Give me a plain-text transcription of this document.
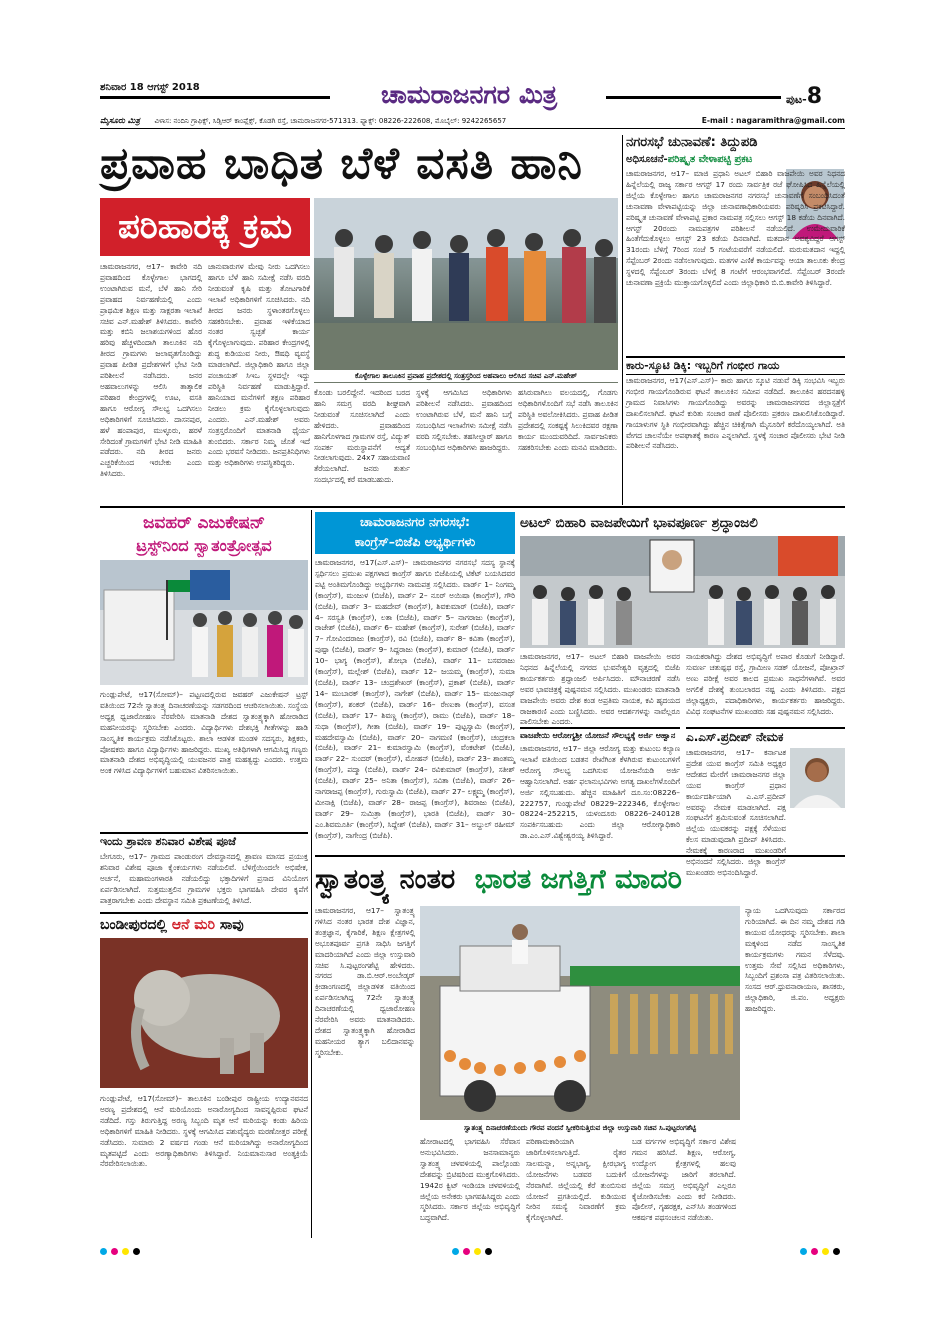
ಶನಿವಾರ 18 ಆಗಸ್ಟ್ 2018	ಚಾಮರಾಜನಗರ ಮಿತ್ರ	ಪುಟ-8
ಮೈಸೂರು ಮಿತ್ರ ವಿಳಾಸ: ನಂದಿನಿ ಗ್ರಾಫಿಕ್ಸ್, ಸಿಡ್ಸಿಆರ್ ಕಾಂಪ್ಲೆಕ್ಸ್, ಕೊಡಗಿ ರಸ್ತೆ, ಚಾಮರಾಜನಗರ-571313. ಫ್ಯಾಕ್ಸ್: 08226-222608, ಮೊಬೈಲ್: 9242265657	E-mail : nagaramithra@gmail.com
ಪ್ರವಾಹ ಬಾಧಿತ ಬೆಳೆ ವಸತಿ ಹಾನಿ
ಪರಿಹಾರಕ್ಕೆ ಕ್ರಮ
ಕೊಳ್ಳೇಗಾಲ ತಾಲೂಕಿನ ಪ್ರವಾಹ ಪ್ರದೇಶದಲ್ಲಿ ಸಂತ್ರಸ್ತರಿಂದ ಅಹವಾಲು ಆಲಿಸಿದ ಸಚಿವ ಎನ್.ಮಹೇಶ್
ಚಾಮರಾಜನಗರ, ಆ17– ಕಾವೇರಿ ನದಿ ಪ್ರವಾಹದಿಂದ ಕೊಳ್ಳೇಗಾಲ ಭಾಗದಲ್ಲಿ ಉಂಟಾಗಿರುವ ಮನೆ, ಬೆಳೆ ಹಾನಿ ಸೇರಿ ಪ್ರವಾಹದ ನಿರ್ವಹಣೆಯಲ್ಲಿ ಎಂದು ಪ್ರಾಥಮಿಕ ಶಿಕ್ಷಣ ಮತ್ತು ಸಾಕ್ಷರತಾ ಇಲಾಖೆ ಸಚಿವ ಎನ್.ಮಹೇಶ್ ತಿಳಿಸಿದರು. ಕಾವೇರಿ ಮತ್ತು ಕಬಿನಿ ಜಲಾಶಯಗಳಿಂದ ಹೊರ ಹರಿವು ಹೆಚ್ಚಳದಿಂದಾಗಿ ತಾಲೂಕಿನ ನದಿ ತೀರದ ಗ್ರಾಮಗಳು ಜಲಾವೃತಗೊಂಡಿದ್ದು ಪ್ರವಾಹ ಪೀಡಿತ ಪ್ರದೇಶಗಳಿಗೆ ಭೇಟಿ ನೀಡಿ ಪರಿಶೀಲನೆ ನಡೆಸಿದರು. ಜನರ ಅಹವಾಲುಗಳನ್ನು ಆಲಿಸಿ ತಾತ್ಕಾಲಿಕ ಪರಿಹಾರ ಕೇಂದ್ರಗಳಲ್ಲಿ ಊಟ, ವಸತಿ ಹಾಗೂ ಆರೋಗ್ಯ ಸೌಲಭ್ಯ ಒದಗಿಸಲು ಅಧಿಕಾರಿಗಳಿಗೆ ಸೂಚಿಸಿದರು. ದಾಸನಪುರ, ಹಳೆ ಹಂಪಾಪುರ, ಮುಳ್ಳೂರು, ಹರಳೆ ಸೇರಿದಂತೆ ಗ್ರಾಮಗಳಿಗೆ ಭೇಟಿ ನೀಡಿ ಮಾಹಿತಿ ಪಡೆದರು. ನದಿ ತೀರದ ಜನರು ಎಚ್ಚರಿಕೆಯಿಂದ ಇರಬೇಕು ಎಂದು ತಿಳಿಸಿದರು.
ಜಾನುವಾರುಗಳ ಮೇವು ನೀರು ಒದಗಿಸಲು ಹಾಗೂ ಬೆಳೆ ಹಾನಿ ಸಮೀಕ್ಷೆ ನಡೆಸಿ ವರದಿ ನೀಡುವಂತೆ ಕೃಷಿ ಮತ್ತು ತೋಟಗಾರಿಕೆ ಇಲಾಖೆ ಅಧಿಕಾರಿಗಳಿಗೆ ಸೂಚಿಸಿದರು. ನದಿ ತೀರದ ಜನರು ಸ್ಥಳಾಂತರಗೊಳ್ಳಲು ಸಹಕರಿಸಬೇಕು. ಪ್ರವಾಹ ಇಳಿಕೆಯಾದ ನಂತರ ಸ್ವಚ್ಛತೆ ಕಾರ್ಯ ಕೈಗೊಳ್ಳಲಾಗುವುದು. ಪರಿಹಾರ ಕೇಂದ್ರಗಳಲ್ಲಿ ಶುದ್ಧ ಕುಡಿಯುವ ನೀರು, ಔಷಧಿ ವ್ಯವಸ್ಥೆ ಮಾಡಲಾಗಿದೆ. ಜಿಲ್ಲಾಧಿಕಾರಿ ಹಾಗೂ ಜಿಲ್ಲಾ ಪಂಚಾಯತ್ ಸಿಇಒ ಸ್ಥಳದಲ್ಲೇ ಇದ್ದು ಪರಿಸ್ಥಿತಿ ನಿರ್ವಹಣೆ ಮಾಡುತ್ತಿದ್ದಾರೆ. ಹಾನಿಯಾದ ಮನೆಗಳಿಗೆ ತಕ್ಷಣ ಪರಿಹಾರ ನೀಡಲು ಕ್ರಮ ಕೈಗೊಳ್ಳಲಾಗುವುದು ಎಂದರು. ಎನ್.ಮಹೇಶ್ ಅವರು ಸಂತ್ರಸ್ತರೊಂದಿಗೆ ಮಾತನಾಡಿ ಧೈರ್ಯ ತುಂಬಿದರು. ಸರ್ಕಾರ ನಿಮ್ಮ ಜೊತೆ ಇದೆ ಎಂದು ಭರವಸೆ ನೀಡಿದರು. ಜನಪ್ರತಿನಿಧಿಗಳು ಮತ್ತು ಅಧಿಕಾರಿಗಳು ಉಪಸ್ಥಿತರಿದ್ದರು.
ಕೊಂಡು ಬರಲಿದ್ದೇನೆ. ಇದರಿಂದ ಬರದ ಹಾನಿ ಸಮಗ್ರ ವರದಿ ಶೀಘ್ರವಾಗಿ ನೀಡುವಂತೆ ಸೂಚಿಸಲಾಗಿದೆ ಎಂದು ಹೇಳಿದರು. ಪ್ರವಾಹದಿಂದ ಹಾನಿಗೊಳಗಾದ ಗ್ರಾಮಗಳ ರಸ್ತೆ, ವಿದ್ಯುತ್ ಸಂಪರ್ಕ ಮರುಸ್ಥಾಪನೆಗೆ ಆದ್ಯತೆ ನೀಡಲಾಗುವುದು. 24x7 ಸಹಾಯವಾಣಿ ತೆರೆಯಲಾಗಿದೆ. ಜನರು ತುರ್ತು ಸಂದರ್ಭದಲ್ಲಿ ಕರೆ ಮಾಡಬಹುದು.
ಸ್ಥಳಕ್ಕೆ ಆಗಮಿಸಿದ ಅಧಿಕಾರಿಗಳು ಪರಿಶೀಲನೆ ನಡೆಸಿದರು. ಪ್ರವಾಹದಿಂದ ಉಂಟಾಗಿರುವ ಬೆಳೆ, ಮನೆ ಹಾನಿ ಬಗ್ಗೆ ಸಂಬಂಧಿಸಿದ ಇಲಾಖೆಗಳು ಸಮೀಕ್ಷೆ ನಡೆಸಿ ವರದಿ ಸಲ್ಲಿಸಬೇಕು. ತಹಸೀಲ್ದಾರ್ ಹಾಗೂ ಸಂಬಂಧಿಸಿದ ಅಧಿಕಾರಿಗಳು ಹಾಜರಿದ್ದರು.
ಹಸಿರುವಾಗಿಲು ವಲಯದಲ್ಲಿ, ಗೊಡಗು ಅಧಿಕಾರಿಗಳೊಂದಿಗೆ ಸಭೆ ನಡೆಸಿ ತಾಲೂಕಿನ ಪರಿಸ್ಥಿತಿ ಅವಲೋಕಿಸಿದರು. ಪ್ರವಾಹ ಪೀಡಿತ ಪ್ರದೇಶದಲ್ಲಿ ಸಂಕಷ್ಟಕ್ಕೆ ಸಿಲುಕಿದವರ ರಕ್ಷಣಾ ಕಾರ್ಯ ಮುಂದುವರಿದಿದೆ. ಸಾರ್ವಜನಿಕರು ಸಹಕರಿಸಬೇಕು ಎಂದು ಮನವಿ ಮಾಡಿದರು.
ನಗರಸಭೆ ಚುನಾವಣೆ: ತಿದ್ದುಪಡಿ
ಅಧಿಸೂಚನೆ-ಪರಿಷ್ಕೃತ ವೇಳಾಪಟ್ಟಿ ಪ್ರಕಟ
ಚಾಮರಾಜನಗರ, ಆ17– ಮಾಜಿ ಪ್ರಧಾನಿ ಅಟಲ್ ಬಿಹಾರಿ ವಾಜಪೇಯಿ ಅವರ ನಿಧನದ ಹಿನ್ನೆಲೆಯಲ್ಲಿ ರಾಜ್ಯ ಸರ್ಕಾರ ಆಗಸ್ಟ್ 17 ರಂದು ಸಾರ್ವತ್ರಿಕ ರಜೆ ಘೋಷಿಸಿದ ಹಿನ್ನೆಲೆಯಲ್ಲಿ ಜಿಲ್ಲೆಯ ಕೊಳ್ಳೇಗಾಲ ಹಾಗೂ ಚಾಮರಾಜನಗರ ನಗರಸಭೆ ಚುನಾವಣೆಗೆ ಸಂಬಂಧಿಸಿದಂತೆ ಚುನಾವಣಾ ವೇಳಾಪಟ್ಟಿಯನ್ನು ಜಿಲ್ಲಾ ಚುನಾವಣಾಧಿಕಾರಿಯವರು ಪರಿಷ್ಕರಿಸಿ ಪ್ರಕಟಿಸಿದ್ದಾರೆ. ಪರಿಷ್ಕೃತ ಚುನಾವಣೆ ವೇಳಾಪಟ್ಟಿ ಪ್ರಕಾರ ನಾಮಪತ್ರ ಸಲ್ಲಿಸಲು ಆಗಸ್ಟ್ 18 ಕಡೆಯ ದಿನವಾಗಿದೆ. ಆಗಸ್ಟ್ 20ರಂದು ನಾಮಪತ್ರಗಳ ಪರಿಶೀಲನೆ ನಡೆಯಲಿದೆ. ಉಮೇದುವಾರಿಕೆ ಹಿಂತೆಗೆದುಕೊಳ್ಳಲು ಆಗಸ್ಟ್ 23 ಕಡೆಯ ದಿನವಾಗಿದೆ. ಮತದಾನ ಅವಶ್ಯವಿದ್ದರೆ ಆಗಸ್ಟ್ 31ರಂದು ಬೆಳಿಗ್ಗೆ 7ರಿಂದ ಸಂಜೆ 5 ಗಂಟೆಯವರೆಗೆ ನಡೆಯಲಿದೆ. ಮರುಮತದಾನ ಇದ್ದಲ್ಲಿ ಸೆಪ್ಟೆಂಬರ್ 2ರಂದು ನಡೆಸಲಾಗುವುದು. ಮತಗಳ ಎಣಿಕೆ ಕಾರ್ಯವನ್ನು ಆಯಾ ತಾಲೂಕು ಕೇಂದ್ರ ಸ್ಥಳದಲ್ಲಿ ಸೆಪ್ಟೆಂಬರ್ 3ರಂದು ಬೆಳಿಗ್ಗೆ 8 ಗಂಟೆಗೆ ಆರಂಭವಾಗಲಿದೆ. ಸೆಪ್ಟೆಂಬರ್ 3ರಂದೇ ಚುನಾವಣಾ ಪ್ರಕ್ರಿಯೆ ಮುಕ್ತಾಯಗೊಳ್ಳಲಿದೆ ಎಂದು ಜಿಲ್ಲಾಧಿಕಾರಿ ಬಿ.ಬಿ.ಕಾವೇರಿ ತಿಳಿಸಿದ್ದಾರೆ.
ಕಾರು-ಸ್ಕೂಟಿ ಡಿಕ್ಕಿ: ಇಬ್ಬರಿಗೆ ಗಂಭೀರ ಗಾಯ
ಚಾಮರಾಜನಗರ, ಆ17(ಎಸ್.ಎಸ್)– ಕಾರು ಹಾಗೂ ಸ್ಕೂಟಿ ನಡುವೆ ಡಿಕ್ಕಿ ಸಂಭವಿಸಿ ಇಬ್ಬರು ಗಂಭೀರ ಗಾಯಗೊಂಡಿರುವ ಘಟನೆ ತಾಲೂಕಿನ ಸಮೀಪ ನಡೆದಿದೆ. ತಾಲೂಕಿನ ಹರದನಹಳ್ಳಿ ಗ್ರಾಮದ ನಿವಾಸಿಗಳು ಗಾಯಗೊಂಡಿದ್ದು ಅವರನ್ನು ಚಾಮರಾಜನಗರದ ಜಿಲ್ಲಾಸ್ಪತ್ರೆಗೆ ದಾಖಲಿಸಲಾಗಿದೆ. ಘಟನೆ ಕುರಿತು ಸಂಚಾರ ಠಾಣೆ ಪೊಲೀಸರು ಪ್ರಕರಣ ದಾಖಲಿಸಿಕೊಂಡಿದ್ದಾರೆ. ಗಾಯಾಳುಗಳ ಸ್ಥಿತಿ ಗಂಭೀರವಾಗಿದ್ದು ಹೆಚ್ಚಿನ ಚಿಕಿತ್ಸೆಗಾಗಿ ಮೈಸೂರಿಗೆ ಕರೆದೊಯ್ಯಲಾಗಿದೆ. ಅತಿ ವೇಗದ ಚಾಲನೆಯೇ ಅಪಘಾತಕ್ಕೆ ಕಾರಣ ಎನ್ನಲಾಗಿದೆ. ಸ್ಥಳಕ್ಕೆ ಸಂಚಾರ ಪೊಲೀಸರು ಭೇಟಿ ನೀಡಿ ಪರಿಶೀಲನೆ ನಡೆಸಿದರು.
ಜವಹರ್ ಎಜುಕೇಷನ್
ಟ್ರಸ್ಟ್‌ನಿಂದ ಸ್ವಾತಂತ್ರೋತ್ಸವ
ಗುಂಡ್ಲುಪೇಟೆ, ಆ17(ಸೋಮ್)– ಪಟ್ಟಣದಲ್ಲಿರುವ ಜವಹರ್ ಎಜುಕೇಷನ್ ಟ್ರಸ್ಟ್ ವತಿಯಿಂದ 72ನೇ ಸ್ವಾತಂತ್ರ್ಯ ದಿನಾಚರಣೆಯನ್ನು ಸಡಗರದಿಂದ ಆಚರಿಸಲಾಯಿತು. ಸಂಸ್ಥೆಯ ಅಧ್ಯಕ್ಷ ಧ್ವಜಾರೋಹಣ ನೆರವೇರಿಸಿ ಮಾತನಾಡಿ ದೇಶದ ಸ್ವಾತಂತ್ರ್ಯಕ್ಕಾಗಿ ಹೋರಾಡಿದ ಮಹನೀಯರನ್ನು ಸ್ಮರಿಸಬೇಕು ಎಂದರು. ವಿದ್ಯಾರ್ಥಿಗಳು ದೇಶಭಕ್ತಿ ಗೀತೆಗಳನ್ನು ಹಾಡಿ ಸಾಂಸ್ಕೃತಿಕ ಕಾರ್ಯಕ್ರಮ ನಡೆಸಿಕೊಟ್ಟರು. ಶಾಲಾ ಆಡಳಿತ ಮಂಡಳಿ ಸದಸ್ಯರು, ಶಿಕ್ಷಕರು, ಪೋಷಕರು ಹಾಗೂ ವಿದ್ಯಾರ್ಥಿಗಳು ಹಾಜರಿದ್ದರು. ಮುಖ್ಯ ಅತಿಥಿಗಳಾಗಿ ಆಗಮಿಸಿದ್ದ ಗಣ್ಯರು ಮಾತನಾಡಿ ದೇಶದ ಅಭಿವೃದ್ಧಿಯಲ್ಲಿ ಯುವಜನರ ಪಾತ್ರ ಮಹತ್ವದ್ದು ಎಂದರು. ಉತ್ತಮ ಅಂಕ ಗಳಿಸಿದ ವಿದ್ಯಾರ್ಥಿಗಳಿಗೆ ಬಹುಮಾನ ವಿತರಿಸಲಾಯಿತು.
ಇಂದು ಶ್ರಾವಣ ಶನಿವಾರ ವಿಶೇಷ ಪೂಜೆ
ಬೇಗೂರು, ಆ17– ಗ್ರಾಮದ ಪಾಂಡುರಂಗ ದೇವಸ್ಥಾನದಲ್ಲಿ ಶ್ರಾವಣ ಮಾಸದ ಪ್ರಯುಕ್ತ ಶನಿವಾರ ವಿಶೇಷ ಪೂಜಾ ಕೈಂಕರ್ಯಗಳು ನಡೆಯಲಿವೆ. ಬೆಳಿಗ್ಗೆಯಿಂದಲೇ ಅಭಿಷೇಕ, ಅರ್ಚನೆ, ಮಹಾಮಂಗಳಾರತಿ ನಡೆಯಲಿದ್ದು ಭಕ್ತಾದಿಗಳಿಗೆ ಪ್ರಸಾದ ವಿನಿಯೋಗ ಏರ್ಪಡಿಸಲಾಗಿದೆ. ಸುತ್ತಮುತ್ತಲಿನ ಗ್ರಾಮಗಳ ಭಕ್ತರು ಭಾಗವಹಿಸಿ ದೇವರ ಕೃಪೆಗೆ ಪಾತ್ರರಾಗಬೇಕು ಎಂದು ದೇವಸ್ಥಾನ ಸಮಿತಿ ಪ್ರಕಟಣೆಯಲ್ಲಿ ತಿಳಿಸಿದೆ.
ಬಂಡೀಪುರದಲ್ಲಿ ಆನೆ ಮರಿ ಸಾವು
ಗುಂಡ್ಲುಪೇಟೆ, ಆ17(ಸೋಮ್)– ತಾಲೂಕಿನ ಬಂಡೀಪುರ ರಾಷ್ಟ್ರೀಯ ಉದ್ಯಾನವನದ ಅರಣ್ಯ ಪ್ರದೇಶದಲ್ಲಿ ಆನೆ ಮರಿಯೊಂದು ಅನಾರೋಗ್ಯದಿಂದ ಸಾವನ್ನಪ್ಪಿರುವ ಘಟನೆ ನಡೆದಿದೆ. ಗಸ್ತು ತಿರುಗುತ್ತಿದ್ದ ಅರಣ್ಯ ಸಿಬ್ಬಂದಿ ಮೃತ ಆನೆ ಮರಿಯನ್ನು ಕಂಡು ಹಿರಿಯ ಅಧಿಕಾರಿಗಳಿಗೆ ಮಾಹಿತಿ ನೀಡಿದರು. ಸ್ಥಳಕ್ಕೆ ಆಗಮಿಸಿದ ಪಶುವೈದ್ಯರು ಮರಣೋತ್ತರ ಪರೀಕ್ಷೆ ನಡೆಸಿದರು. ಸುಮಾರು 2 ವರ್ಷದ ಗಂಡು ಆನೆ ಮರಿಯಾಗಿದ್ದು ಅನಾರೋಗ್ಯದಿಂದ ಮೃತಪಟ್ಟಿದೆ ಎಂದು ಅರಣ್ಯಾಧಿಕಾರಿಗಳು ತಿಳಿಸಿದ್ದಾರೆ. ನಿಯಮಾನುಸಾರ ಅಂತ್ಯಕ್ರಿಯೆ ನೆರವೇರಿಸಲಾಯಿತು.
ಚಾಮರಾಜನಗರ ನಗರಸಭೆ:
ಕಾಂಗ್ರೆಸ್–ಬಿಜೆಪಿ ಅಭ್ಯರ್ಥಿಗಳು
ಚಾಮರಾಜನಗರ, ಆ17(ಎಸ್.ಎಸ್)– ಚಾಮರಾಜನಗರ ನಗರಸಭೆ ಸದಸ್ಯ ಸ್ಥಾನಕ್ಕೆ ಸ್ಪರ್ಧಿಸಲು ಪ್ರಮುಖ ಪಕ್ಷಗಳಾದ ಕಾಂಗ್ರೆಸ್ ಹಾಗೂ ಬಿಜೆಪಿಯಲ್ಲಿ ಟಿಕೆಟ್ ಬಯಸಿದವರ ಪಟ್ಟಿ ಅಂತಿಮಗೊಂಡಿದ್ದು ಅಭ್ಯರ್ಥಿಗಳು ನಾಮಪತ್ರ ಸಲ್ಲಿಸಿದರು. ವಾರ್ಡ್ 1– ನಿಂಗಮ್ಮ (ಕಾಂಗ್ರೆಸ್), ಮಂಜುಳ (ಬಿಜೆಪಿ), ವಾರ್ಡ್ 2– ನೂರ್ ಅಯಿಷಾ (ಕಾಂಗ್ರೆಸ್), ಗೌರಿ (ಬಿಜೆಪಿ), ವಾರ್ಡ್ 3– ಮಹದೇವ್ (ಕಾಂಗ್ರೆಸ್), ಶಿವಕುಮಾರ್ (ಬಿಜೆಪಿ), ವಾರ್ಡ್ 4– ಸರಸ್ವತಿ (ಕಾಂಗ್ರೆಸ್), ಲತಾ (ಬಿಜೆಪಿ), ವಾರ್ಡ್ 5– ನಾಗರಾಜು (ಕಾಂಗ್ರೆಸ್), ರಾಜೇಶ್ (ಬಿಜೆಪಿ), ವಾರ್ಡ್ 6– ಮಹೇಶ್ (ಕಾಂಗ್ರೆಸ್), ಸುರೇಶ್ (ಬಿಜೆಪಿ), ವಾರ್ಡ್ 7– ಗೋವಿಂದರಾಜು (ಕಾಂಗ್ರೆಸ್), ರವಿ (ಬಿಜೆಪಿ), ವಾರ್ಡ್ 8– ಕವಿತಾ (ಕಾಂಗ್ರೆಸ್), ಪುಷ್ಪಾ (ಬಿಜೆಪಿ), ವಾರ್ಡ್ 9– ಸಿದ್ದರಾಜು (ಕಾಂಗ್ರೆಸ್), ಕುಮಾರ್ (ಬಿಜೆಪಿ), ವಾರ್ಡ್ 10– ಭಾಗ್ಯ (ಕಾಂಗ್ರೆಸ್), ಶೋಭಾ (ಬಿಜೆಪಿ), ವಾರ್ಡ್ 11– ಬಸವರಾಜು (ಕಾಂಗ್ರೆಸ್), ಮಲ್ಲೇಶ್ (ಬಿಜೆಪಿ), ವಾರ್ಡ್ 12– ಜಯಮ್ಮ (ಕಾಂಗ್ರೆಸ್), ಸುಮಾ (ಬಿಜೆಪಿ), ವಾರ್ಡ್ 13– ಚಂದ್ರಶೇಖರ್ (ಕಾಂಗ್ರೆಸ್), ಪ್ರಕಾಶ್ (ಬಿಜೆಪಿ), ವಾರ್ಡ್ 14– ಮುಬಾರಕ್ (ಕಾಂಗ್ರೆಸ್), ನಾಗೇಶ್ (ಬಿಜೆಪಿ), ವಾರ್ಡ್ 15– ಮಂಜುನಾಥ್ (ಕಾಂಗ್ರೆಸ್), ಶಂಕರ್ (ಬಿಜೆಪಿ), ವಾರ್ಡ್ 16– ರೇಣುಕಾ (ಕಾಂಗ್ರೆಸ್), ವಸಂತ (ಬಿಜೆಪಿ), ವಾರ್ಡ್ 17– ಶಿವಣ್ಣ (ಕಾಂಗ್ರೆಸ್), ರಾಮು (ಬಿಜೆಪಿ), ವಾರ್ಡ್ 18– ಸುಧಾ (ಕಾಂಗ್ರೆಸ್), ಗೀತಾ (ಬಿಜೆಪಿ), ವಾರ್ಡ್ 19– ಪುಟ್ಟಸ್ವಾಮಿ (ಕಾಂಗ್ರೆಸ್), ಮಹದೇವಸ್ವಾಮಿ (ಬಿಜೆಪಿ), ವಾರ್ಡ್ 20– ನಾಗಮಣಿ (ಕಾಂಗ್ರೆಸ್), ಚಂದ್ರಕಲಾ (ಬಿಜೆಪಿ), ವಾರ್ಡ್ 21– ಕುಮಾರಸ್ವಾಮಿ (ಕಾಂಗ್ರೆಸ್), ವೆಂಕಟೇಶ್ (ಬಿಜೆಪಿ), ವಾರ್ಡ್ 22– ಸುಂದರ್ (ಕಾಂಗ್ರೆಸ್), ಮೋಹನ್ (ಬಿಜೆಪಿ), ವಾರ್ಡ್ 23– ಶಾಂತಮ್ಮ (ಕಾಂಗ್ರೆಸ್), ಪದ್ಮಾ (ಬಿಜೆಪಿ), ವಾರ್ಡ್ 24– ರವಿಕುಮಾರ್ (ಕಾಂಗ್ರೆಸ್), ಸತೀಶ್ (ಬಿಜೆಪಿ), ವಾರ್ಡ್ 25– ಅನಿತಾ (ಕಾಂಗ್ರೆಸ್), ಸವಿತಾ (ಬಿಜೆಪಿ), ವಾರ್ಡ್ 26– ನಾಗರಾಜಪ್ಪ (ಕಾಂಗ್ರೆಸ್), ಗುರುಸ್ವಾಮಿ (ಬಿಜೆಪಿ), ವಾರ್ಡ್ 27– ಲಕ್ಷ್ಮಮ್ಮ (ಕಾಂಗ್ರೆಸ್), ಮೀನಾಕ್ಷಿ (ಬಿಜೆಪಿ), ವಾರ್ಡ್ 28– ರಾಜಪ್ಪ (ಕಾಂಗ್ರೆಸ್), ಶಿವರಾಜು (ಬಿಜೆಪಿ), ವಾರ್ಡ್ 29– ಸುಮಿತ್ರಾ (ಕಾಂಗ್ರೆಸ್), ಭಾರತಿ (ಬಿಜೆಪಿ), ವಾರ್ಡ್ 30– ಎಂ.ಶಿವಮೂರ್ತಿ (ಕಾಂಗ್ರೆಸ್), ಸಿದ್ದೇಶ್ (ಬಿಜೆಪಿ), ವಾರ್ಡ್ 31– ಅಬ್ದುಲ್ ರಹೀಮ್ (ಕಾಂಗ್ರೆಸ್), ನಾಗೇಂದ್ರ (ಬಿಜೆಪಿ).
ಅಟಲ್ ಬಿಹಾರಿ ವಾಜಪೇಯಿಗೆ ಭಾವಪೂರ್ಣ ಶ್ರದ್ಧಾಂಜಲಿ
ಚಾಮರಾಜನಗರ, ಆ17– ಅಟಲ್ ಬಿಹಾರಿ ವಾಜಪೇಯಿ ಅವರ ನಿಧನದ ಹಿನ್ನೆಲೆಯಲ್ಲಿ ನಗರದ ಭುವನೇಶ್ವರಿ ವೃತ್ತದಲ್ಲಿ ಬಿಜೆಪಿ ಕಾರ್ಯಕರ್ತರು ಶ್ರದ್ಧಾಂಜಲಿ ಅರ್ಪಿಸಿದರು. ಮೌನಾಚರಣೆ ನಡೆಸಿ ಅವರ ಭಾವಚಿತ್ರಕ್ಕೆ ಪುಷ್ಪನಮನ ಸಲ್ಲಿಸಿದರು. ಮುಖಂಡರು ಮಾತನಾಡಿ ವಾಜಪೇಯಿ ಅವರು ದೇಶ ಕಂಡ ಅಪ್ರತಿಮ ನಾಯಕ, ಕವಿ ಹೃದಯದ ರಾಜಕಾರಣಿ ಎಂದು ಬಣ್ಣಿಸಿದರು. ಅವರ ಆದರ್ಶಗಳನ್ನು ನಾವೆಲ್ಲರೂ ಪಾಲಿಸಬೇಕು ಎಂದರು.
ನಾಯಕರಾಗಿದ್ದು ದೇಶದ ಅಭಿವೃದ್ಧಿಗೆ ಅಪಾರ ಕೊಡುಗೆ ನೀಡಿದ್ದಾರೆ. ಸುವರ್ಣ ಚತುಷ್ಪಥ ರಸ್ತೆ, ಗ್ರಾಮೀಣ ಸಡಕ್ ಯೋಜನೆ, ಪೋಖ್ರಾನ್ ಅಣು ಪರೀಕ್ಷೆ ಅವರ ಕಾಲದ ಪ್ರಮುಖ ಸಾಧನೆಗಳಾಗಿವೆ. ಅವರ ಅಗಲಿಕೆ ದೇಶಕ್ಕೆ ತುಂಬಲಾರದ ನಷ್ಟ ಎಂದು ತಿಳಿಸಿದರು. ಪಕ್ಷದ ಜಿಲ್ಲಾಧ್ಯಕ್ಷರು, ಪದಾಧಿಕಾರಿಗಳು, ಕಾರ್ಯಕರ್ತರು ಹಾಜರಿದ್ದರು. ವಿವಿಧ ಸಂಘಟನೆಗಳ ಮುಖಂಡರು ಸಹ ಪುಷ್ಪನಮನ ಸಲ್ಲಿಸಿದರು.
ವಾಜಪೇಯಿ ಆರೋಗ್ಯಶ್ರೀ ಯೋಜನೆ ಸೌಲಭ್ಯಕ್ಕೆ ಅರ್ಜಿ ಆಹ್ವಾನ
ಚಾಮರಾಜನಗರ, ಆ17– ಜಿಲ್ಲಾ ಆರೋಗ್ಯ ಮತ್ತು ಕುಟುಂಬ ಕಲ್ಯಾಣ ಇಲಾಖೆ ವತಿಯಿಂದ ಬಡತನ ರೇಖೆಗಿಂತ ಕೆಳಗಿರುವ ಕುಟುಂಬಗಳಿಗೆ ಆರೋಗ್ಯ ಸೌಲಭ್ಯ ಒದಗಿಸುವ ಯೋಜನೆಯಡಿ ಅರ್ಜಿ ಆಹ್ವಾನಿಸಲಾಗಿದೆ. ಅರ್ಹ ಫಲಾನುಭವಿಗಳು ಅಗತ್ಯ ದಾಖಲೆಗಳೊಂದಿಗೆ ಅರ್ಜಿ ಸಲ್ಲಿಸಬಹುದು. ಹೆಚ್ಚಿನ ಮಾಹಿತಿಗೆ ದೂ.ಸಂ:08226–222757, ಗುಂಡ್ಲುಪೇಟೆ 08229–222346, ಕೊಳ್ಳೇಗಾಲ 08224–252215, ಯಳಂದೂರು 08226–240128 ಸಂಪರ್ಕಿಸಬಹುದು ಎಂದು ಜಿಲ್ಲಾ ಆರೋಗ್ಯಾಧಿಕಾರಿ ಡಾ.ಎಂ.ಎಸ್.ವಿಶ್ವೇಶ್ವರಯ್ಯ ತಿಳಿಸಿದ್ದಾರೆ.
ಎ.ಎಸ್.ಪ್ರದೀಪ್ ನೇಮಕ
ಚಾಮರಾಜನಗರ, ಆ17– ಕರ್ನಾಟಕ ಪ್ರದೇಶ ಯುವ ಕಾಂಗ್ರೆಸ್ ಸಮಿತಿ ಅಧ್ಯಕ್ಷರ ಆದೇಶದ ಮೇರೆಗೆ ಚಾಮರಾಜನಗರ ಜಿಲ್ಲಾ ಯುವ ಕಾಂಗ್ರೆಸ್ ಪ್ರಧಾನ ಕಾರ್ಯದರ್ಶಿಯಾಗಿ ಎ.ಎಸ್.ಪ್ರದೀಪ್ ಅವರನ್ನು ನೇಮಕ ಮಾಡಲಾಗಿದೆ. ಪಕ್ಷ ಸಂಘಟನೆಗೆ ಶ್ರಮಿಸುವಂತೆ ಸೂಚಿಸಲಾಗಿದೆ. ಜಿಲ್ಲೆಯ ಯುವಕರನ್ನು ಪಕ್ಷಕ್ಕೆ ಸೆಳೆಯುವ ಕೆಲಸ ಮಾಡುವುದಾಗಿ ಪ್ರದೀಪ್ ತಿಳಿಸಿದರು. ನೇಮಕಕ್ಕೆ ಕಾರಣರಾದ ಮುಖಂಡರಿಗೆ ಅಭಿನಂದನೆ ಸಲ್ಲಿಸಿದರು. ಜಿಲ್ಲಾ ಕಾಂಗ್ರೆಸ್ ಮುಖಂಡರು ಅಭಿನಂದಿಸಿದ್ದಾರೆ.
ಸ್ವಾತಂತ್ರ್ಯ ನಂತರ ಭಾರತ ಜಗತ್ತಿಗೆ ಮಾದರಿ
ಸ್ವಾತಂತ್ರ್ಯ ದಿನಾಚರಣೆಯಂದು ಗೌರವ ವಂದನೆ ಸ್ವೀಕರಿಸುತ್ತಿರುವ ಜಿಲ್ಲಾ ಉಸ್ತುವಾರಿ ಸಚಿವ ಸಿ.ಪುಟ್ಟರಂಗಶೆಟ್ಟಿ
ಚಾಮರಾಜನಗರ, ಆ17– ಸ್ವಾತಂತ್ರ್ಯ ಗಳಿಸಿದ ನಂತರ ಭಾರತ ದೇಶ ವಿಜ್ಞಾನ, ತಂತ್ರಜ್ಞಾನ, ಕೈಗಾರಿಕೆ, ಶಿಕ್ಷಣ ಕ್ಷೇತ್ರಗಳಲ್ಲಿ ಅಭೂತಪೂರ್ವ ಪ್ರಗತಿ ಸಾಧಿಸಿ ಜಗತ್ತಿಗೆ ಮಾದರಿಯಾಗಿದೆ ಎಂದು ಜಿಲ್ಲಾ ಉಸ್ತುವಾರಿ ಸಚಿವ ಸಿ.ಪುಟ್ಟರಂಗಶೆಟ್ಟಿ ಹೇಳಿದರು. ನಗರದ ಡಾ.ಬಿ.ಆರ್.ಅಂಬೇಡ್ಕರ್ ಕ್ರೀಡಾಂಗಣದಲ್ಲಿ ಜಿಲ್ಲಾಡಳಿತ ವತಿಯಿಂದ ಏರ್ಪಡಿಸಲಾಗಿದ್ದ 72ನೇ ಸ್ವಾತಂತ್ರ್ಯ ದಿನಾಚರಣೆಯಲ್ಲಿ ಧ್ವಜಾರೋಹಣ ನೆರವೇರಿಸಿ ಅವರು ಮಾತನಾಡಿದರು. ದೇಶದ ಸ್ವಾತಂತ್ರ್ಯಕ್ಕಾಗಿ ಹೋರಾಡಿದ ಮಹನೀಯರ ತ್ಯಾಗ ಬಲಿದಾನವನ್ನು ಸ್ಮರಿಸಬೇಕು.
ಹೋರಾಟದಲ್ಲಿ ಭಾಗವಹಿಸಿ ಸೆರೆವಾಸ ಅನುಭವಿಸಿದರು. ಜನಸಾಮಾನ್ಯರು ಸ್ವಾತಂತ್ರ್ಯ ಚಳವಳಿಯಲ್ಲಿ ಪಾಲ್ಗೊಂಡು ದೇಶವನ್ನು ಬ್ರಿಟಿಷರಿಂದ ಮುಕ್ತಗೊಳಿಸಿದರು. 1942ರ ಕ್ವಿಟ್ ಇಂಡಿಯಾ ಚಳವಳಿಯಲ್ಲಿ ಜಿಲ್ಲೆಯ ಅನೇಕರು ಭಾಗವಹಿಸಿದ್ದರು ಎಂದು ಸ್ಮರಿಸಿದರು. ಸರ್ಕಾರ ಜಿಲ್ಲೆಯ ಅಭಿವೃದ್ಧಿಗೆ ಬದ್ಧವಾಗಿದೆ.
ಪರಿಣಾಮಕಾರಿಯಾಗಿ ಜಾರಿಗೊಳಿಸಲಾಗುತ್ತಿದೆ. ರೈತರ ಸಾಲಮನ್ನಾ, ಅನ್ನಭಾಗ್ಯ, ಕ್ಷೀರಭಾಗ್ಯ ಯೋಜನೆಗಳು ಬಡವರ ಬದುಕಿಗೆ ನೆರವಾಗಿವೆ. ಜಿಲ್ಲೆಯಲ್ಲಿ ಕೆರೆ ತುಂಬಿಸುವ ಯೋಜನೆ ಪ್ರಗತಿಯಲ್ಲಿದೆ. ಕುಡಿಯುವ ನೀರಿನ ಸಮಸ್ಯೆ ನಿವಾರಣೆಗೆ ಕ್ರಮ ಕೈಗೊಳ್ಳಲಾಗಿದೆ.
ಬಡ ವರ್ಗಗಳ ಅಭಿವೃದ್ಧಿಗೆ ಸರ್ಕಾರ ವಿಶೇಷ ಗಮನ ಹರಿಸಿದೆ. ಶಿಕ್ಷಣ, ಆರೋಗ್ಯ, ಉದ್ಯೋಗ ಕ್ಷೇತ್ರಗಳಲ್ಲಿ ಹಲವು ಯೋಜನೆಗಳನ್ನು ಜಾರಿಗೆ ತರಲಾಗಿದೆ. ಜಿಲ್ಲೆಯ ಸಮಗ್ರ ಅಭಿವೃದ್ಧಿಗೆ ಎಲ್ಲರೂ ಕೈಜೋಡಿಸಬೇಕು ಎಂದು ಕರೆ ನೀಡಿದರು. ಪೊಲೀಸ್, ಗೃಹರಕ್ಷಕ, ಎನ್‌ಸಿಸಿ ತಂಡಗಳಿಂದ ಆಕರ್ಷಕ ಪಥಸಂಚಲನ ನಡೆಯಿತು.
ನ್ಯಾಯ ಒದಗಿಸುವುದು ಸರ್ಕಾರದ ಗುರಿಯಾಗಿದೆ. ಈ ದಿನ ನಮ್ಮ ದೇಶದ ಗಡಿ ಕಾಯುವ ಯೋಧರನ್ನು ಸ್ಮರಿಸಬೇಕು. ಶಾಲಾ ಮಕ್ಕಳಿಂದ ನಡೆದ ಸಾಂಸ್ಕೃತಿಕ ಕಾರ್ಯಕ್ರಮಗಳು ಗಮನ ಸೆಳೆದವು. ಉತ್ತಮ ಸೇವೆ ಸಲ್ಲಿಸಿದ ಅಧಿಕಾರಿಗಳು, ಸಿಬ್ಬಂದಿಗೆ ಪ್ರಶಂಸಾ ಪತ್ರ ವಿತರಿಸಲಾಯಿತು. ಸಂಸದ ಆರ್.ಧ್ರುವನಾರಾಯಣ, ಶಾಸಕರು, ಜಿಲ್ಲಾಧಿಕಾರಿ, ಜಿ.ಪಂ. ಅಧ್ಯಕ್ಷರು ಹಾಜರಿದ್ದರು.
